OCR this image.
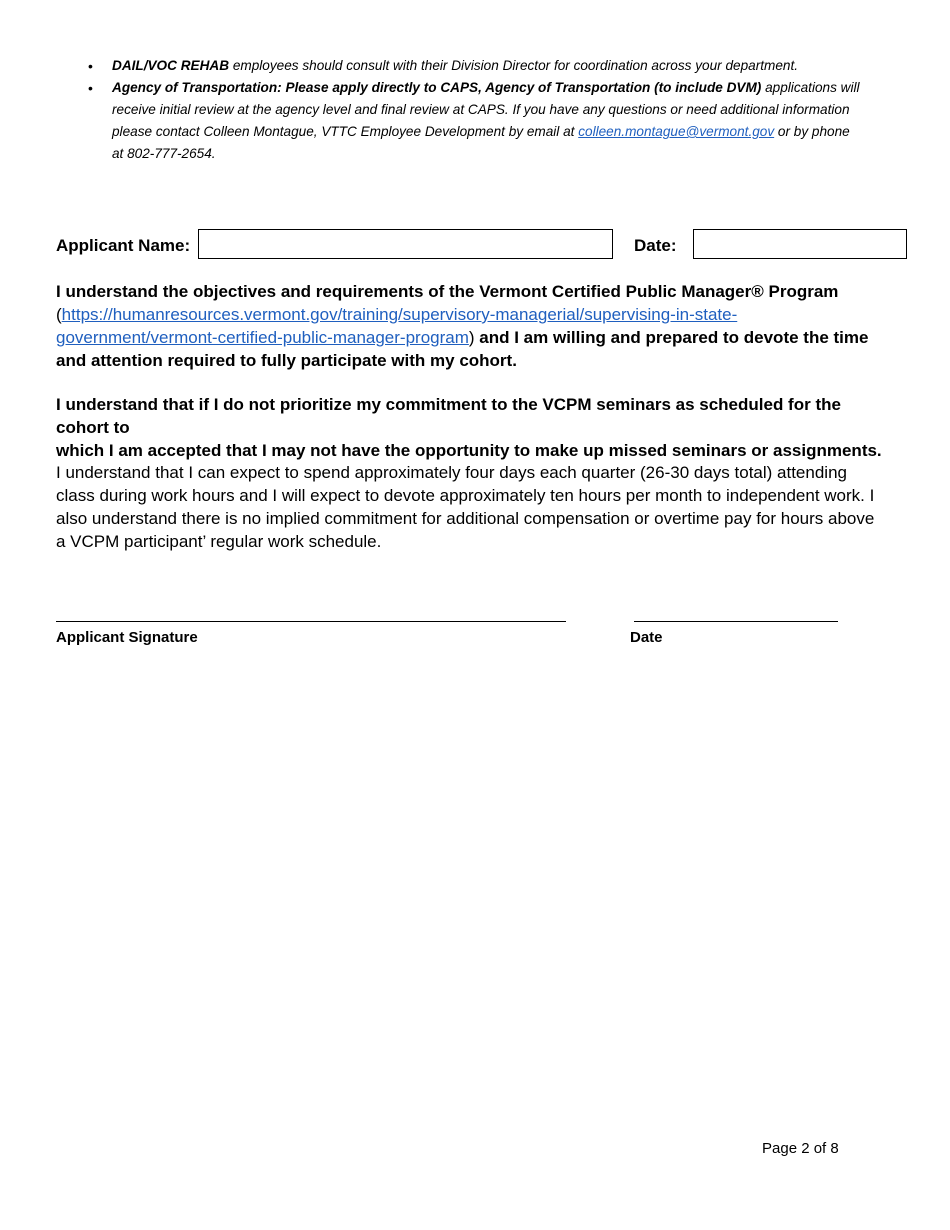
• DAIL/VOC REHAB employees should consult with their Division Director for coordination across your department.
• Agency of Transportation: Please apply directly to CAPS, Agency of Transportation (to include DVM) applications will
receive initial review at the agency level and final review at CAPS. If you have any questions or need additional information
please contact Colleen Montague, VTTC Employee Development by email at colleen.montague@vermont.gov or by phone
at 802-777-2654.
Applicant Name:	Date:
I understand the objectives and requirements of the Vermont Certified Public Manager® Program
(https://humanresources.vermont.gov/training/supervisory-managerial/supervising-in-state-
government/vermont-certified-public-manager-program) and I am willing and prepared to devote the time
and attention required to fully participate with my cohort.
I understand that if I do not prioritize my commitment to the VCPM seminars as scheduled for the cohort to
which I am accepted that I may not have the opportunity to make up missed seminars or assignments.
I understand that I can expect to spend approximately four days each quarter (26-30 days total) attending
class during work hours and I will expect to devote approximately ten hours per month to independent work. I
also understand there is no implied commitment for additional compensation or overtime pay for hours above
a VCPM participant’ regular work schedule.
Applicant Signature	Date
Page 2 of 8
